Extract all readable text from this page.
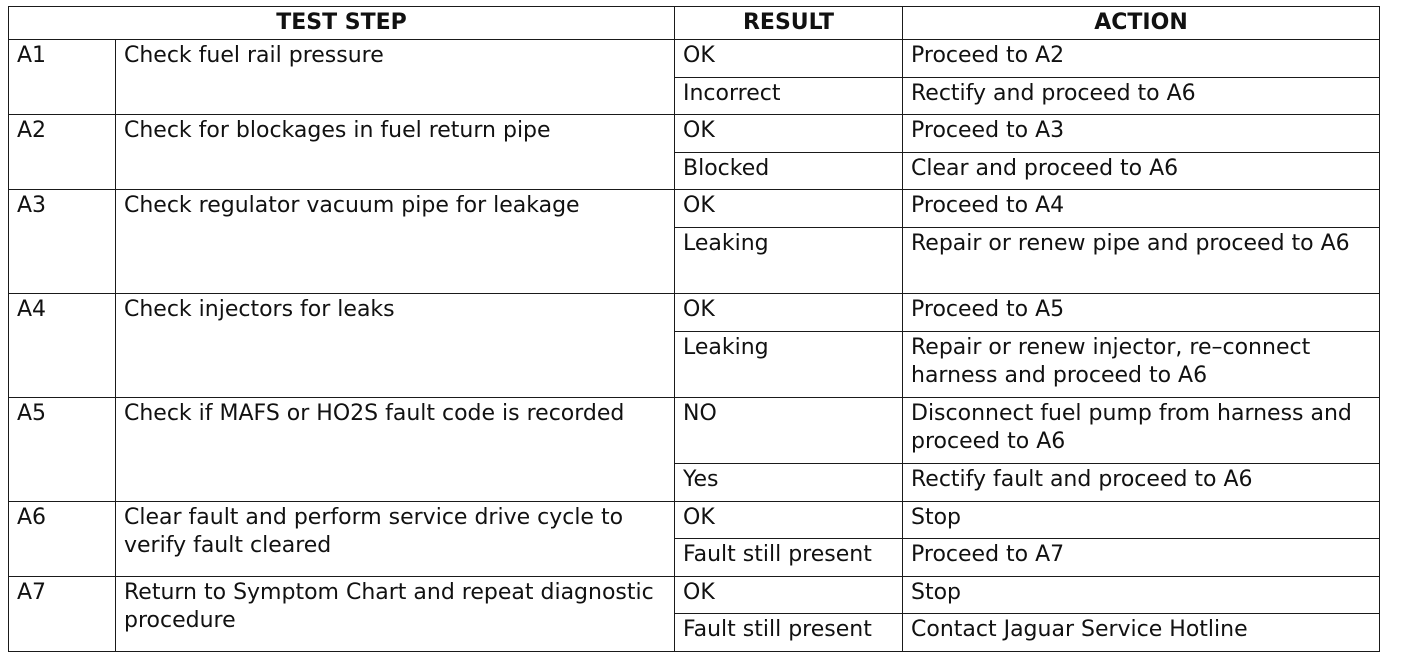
TEST STEP		RESULT	ACTION
A1	Check fuel rail pressure	OK	Proceed to A2
		Incorrect	Rectify and proceed to A6
A2	Check for blockages in fuel return pipe	OK	Proceed to A3
		Blocked	Clear and proceed to A6
A3	Check regulator vacuum pipe for leakage	OK	Proceed to A4
		Leaking	Repair or renew pipe and proceed to A6
A4	Check injectors for leaks	OK	Proceed to A5
		Leaking	Repair or renew injector, re–connect harness and proceed to A6
A5	Check if MAFS or HO2S fault code is recorded	NO	Disconnect fuel pump from harness and proceed to A6
		Yes	Rectify fault and proceed to A6
A6	Clear fault and perform service drive cycle to verify fault cleared	OK	Stop
		Fault still present	Proceed to A7
A7	Return to Symptom Chart and repeat diagnostic procedure	OK	Stop
		Fault still present	Contact Jaguar Service Hotline
